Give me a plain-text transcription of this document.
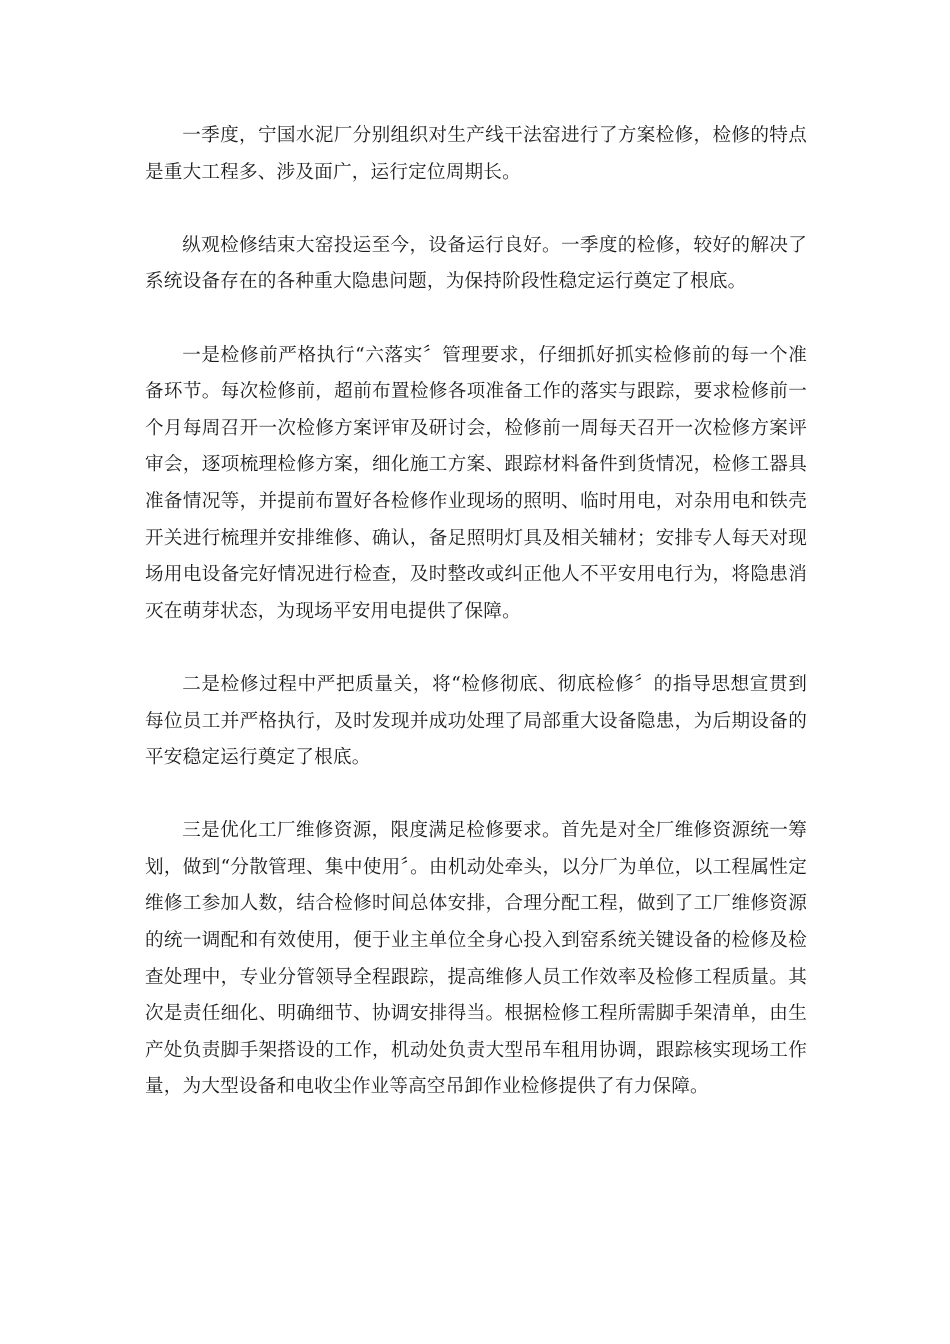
一季度，宁国水泥厂分别组织对生产线干法窑进行了方案检修，检修的特点是重大工程多、涉及面广，运行定位周期长。

纵观检修结束大窑投运至今，设备运行良好。一季度的检修，较好的解决了系统设备存在的各种重大隐患问题，为保持阶段性稳定运行奠定了根底。

一是检修前严格执行“六落实〞管理要求，仔细抓好抓实检修前的每一个准备环节。每次检修前，超前布置检修各项准备工作的落实与跟踪，要求检修前一个月每周召开一次检修方案评审及研讨会，检修前一周每天召开一次检修方案评审会，逐项梳理检修方案，细化施工方案、跟踪材料备件到货情况，检修工器具准备情况等，并提前布置好各检修作业现场的照明、临时用电，对杂用电和铁壳开关进行梳理并安排维修、确认，备足照明灯具及相关辅材；安排专人每天对现场用电设备完好情况进行检查，及时整改或纠正他人不平安用电行为，将隐患消灭在萌芽状态，为现场平安用电提供了保障。

二是检修过程中严把质量关，将“检修彻底、彻底检修〞的指导思想宣贯到每位员工并严格执行，及时发现并成功处理了局部重大设备隐患，为后期设备的平安稳定运行奠定了根底。

三是优化工厂维修资源，限度满足检修要求。首先是对全厂维修资源统一筹划，做到“分散管理、集中使用〞。由机动处牵头，以分厂为单位，以工程属性定维修工参加人数，结合检修时间总体安排，合理分配工程，做到了工厂维修资源的统一调配和有效使用，便于业主单位全身心投入到窑系统关键设备的检修及检查处理中，专业分管领导全程跟踪，提高维修人员工作效率及检修工程质量。其次是责任细化、明确细节、协调安排得当。根据检修工程所需脚手架清单，由生产处负责脚手架搭设的工作，机动处负责大型吊车租用协调，跟踪核实现场工作量，为大型设备和电收尘作业等高空吊卸作业检修提供了有力保障。
